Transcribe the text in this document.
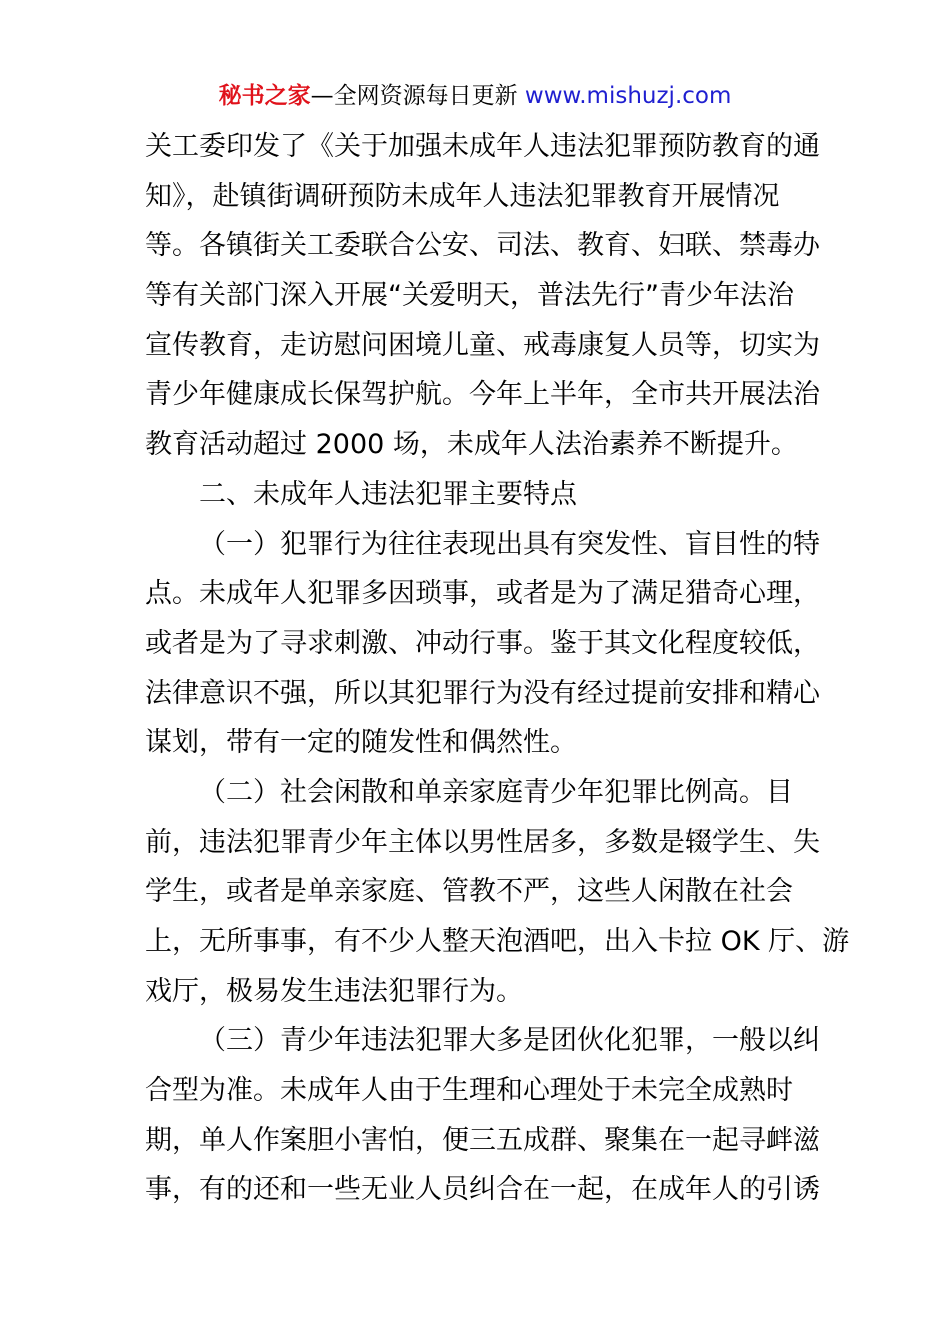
秘书之家—全网资源每日更新 www.mishuzj.com
关工委印发了《关于加强未成年人违法犯罪预防教育的通
知》，赴镇街调研预防未成年人违法犯罪教育开展情况
等。各镇街关工委联合公安、司法、教育、妇联、禁毒办
等有关部门深入开展“关爱明天，普法先行”青少年法治
宣传教育，走访慰问困境儿童、戒毒康复人员等，切实为
青少年健康成长保驾护航。今年上半年，全市共开展法治
教育活动超过 2000 场，未成年人法治素养不断提升。
二、未成年人违法犯罪主要特点
（一）犯罪行为往往表现出具有突发性、盲目性的特
点。未成年人犯罪多因琐事，或者是为了满足猎奇心理，
或者是为了寻求刺激、冲动行事。鉴于其文化程度较低，
法律意识不强，所以其犯罪行为没有经过提前安排和精心
谋划，带有一定的随发性和偶然性。
（二）社会闲散和单亲家庭青少年犯罪比例高。目
前，违法犯罪青少年主体以男性居多，多数是辍学生、失
学生，或者是单亲家庭、管教不严，这些人闲散在社会
上，无所事事，有不少人整天泡酒吧，出入卡拉 OK 厅、游
戏厅，极易发生违法犯罪行为。
（三）青少年违法犯罪大多是团伙化犯罪，一般以纠
合型为准。未成年人由于生理和心理处于未完全成熟时
期，单人作案胆小害怕，便三五成群、聚集在一起寻衅滋
事，有的还和一些无业人员纠合在一起，在成年人的引诱
